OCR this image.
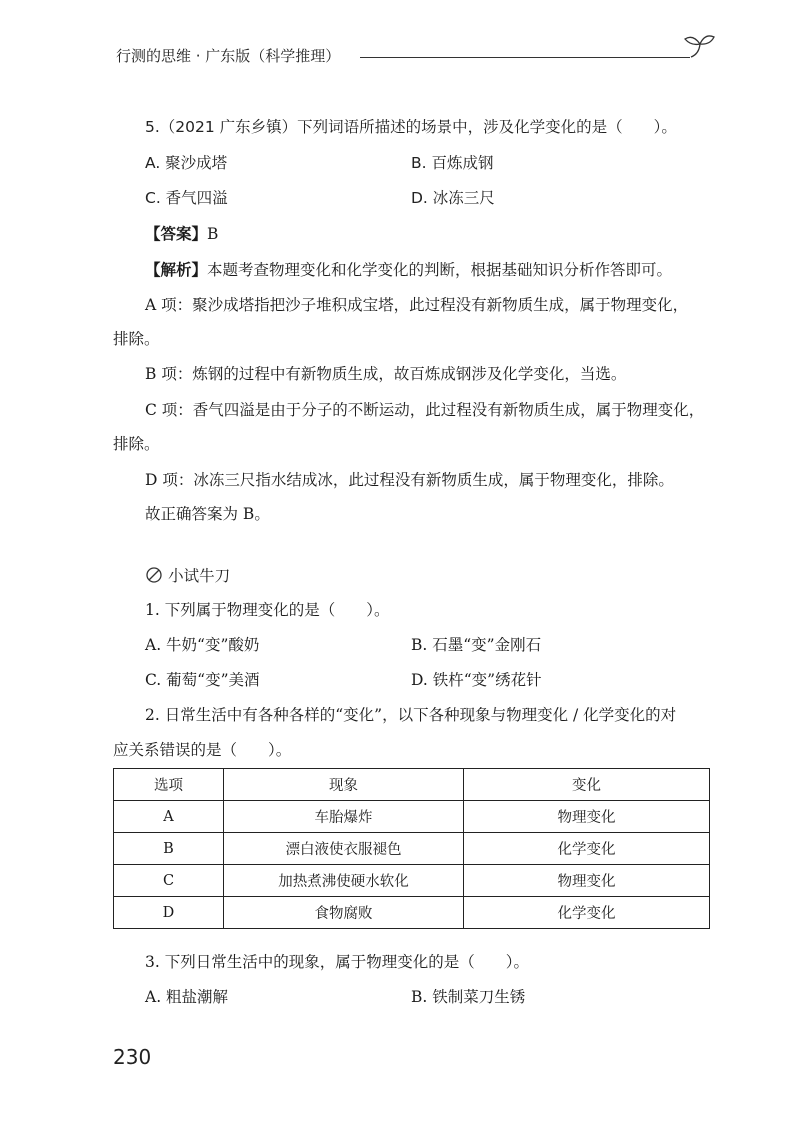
行测的思维 · 广东版（科学推理）
5.（2021 广东乡镇）下列词语所描述的场景中，涉及化学变化的是（　　）。
A. 聚沙成塔	B. 百炼成钢
C. 香气四溢	D. 冰冻三尺
【答案】B
【解析】本题考查物理变化和化学变化的判断，根据基础知识分析作答即可。
A 项：聚沙成塔指把沙子堆积成宝塔，此过程没有新物质生成，属于物理变化，
排除。
B 项：炼钢的过程中有新物质生成，故百炼成钢涉及化学变化，当选。
C 项：香气四溢是由于分子的不断运动，此过程没有新物质生成，属于物理变化，
排除。
D 项：冰冻三尺指水结成冰，此过程没有新物质生成，属于物理变化，排除。
故正确答案为 B。
小试牛刀
1. 下列属于物理变化的是（　　）。
A. 牛奶“变”酸奶	B. 石墨“变”金刚石
C. 葡萄“变”美酒	D. 铁杵“变”绣花针
2. 日常生活中有各种各样的“变化”，以下各种现象与物理变化 / 化学变化的对
应关系错误的是（　　）。
选项	现象	变化
A	车胎爆炸	物理变化
B	漂白液使衣服褪色	化学变化
C	加热煮沸使硬水软化	物理变化
D	食物腐败	化学变化
3. 下列日常生活中的现象，属于物理变化的是（　　）。
A. 粗盐潮解	B. 铁制菜刀生锈
230
